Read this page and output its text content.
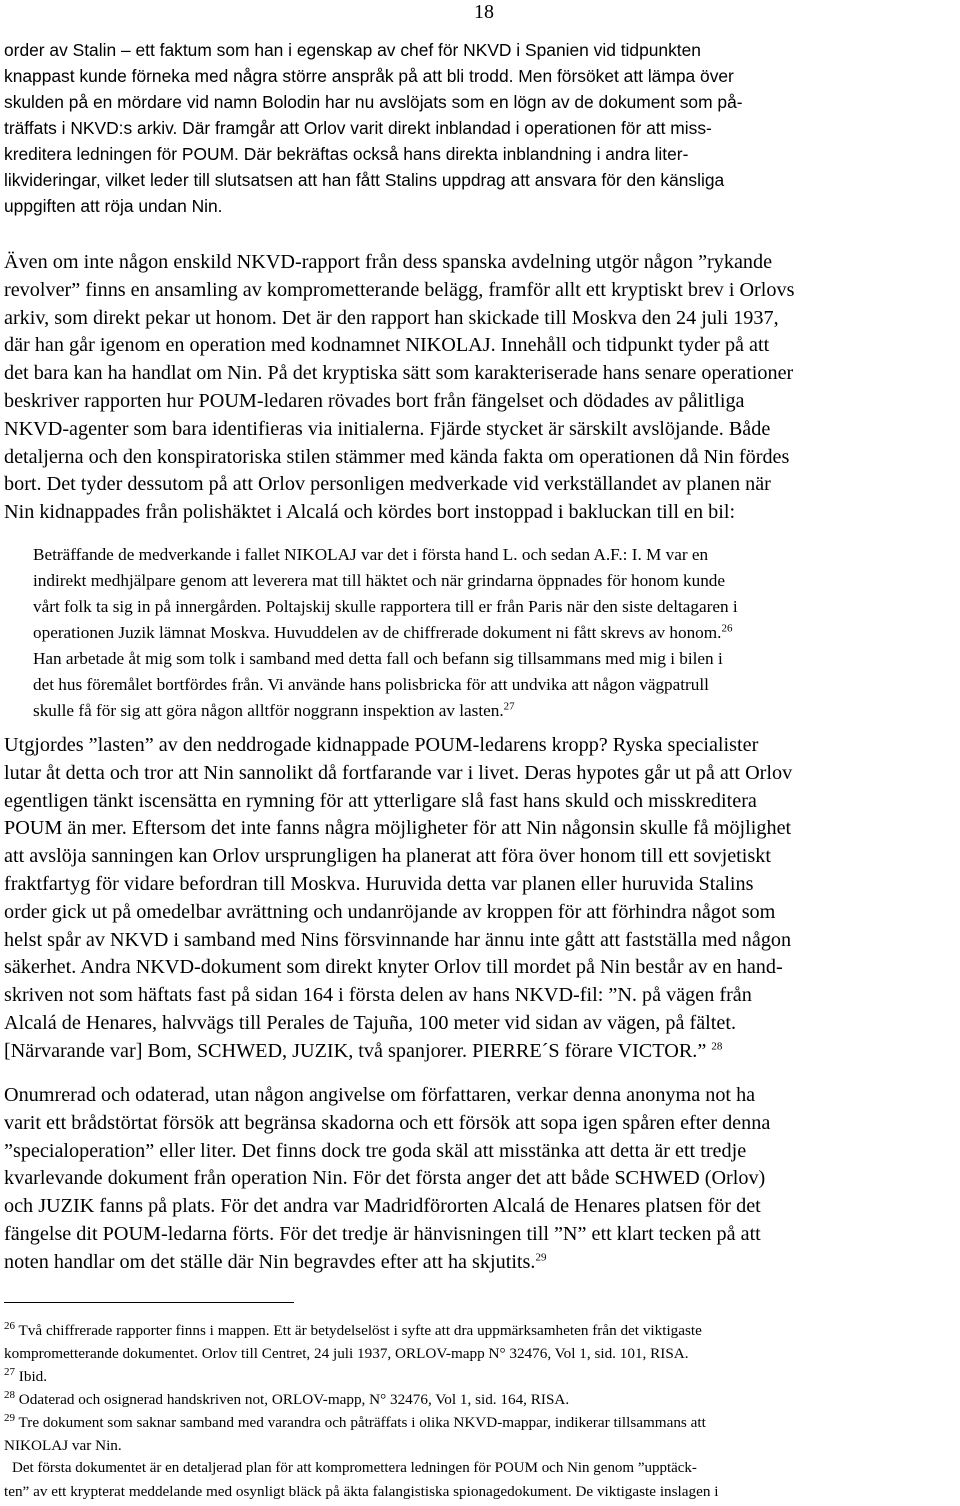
18
order av Stalin – ett faktum som han i egenskap av chef för NKVD i Spanien vid tidpunkten
knappast kunde förneka med några större anspråk på att bli trodd. Men försöket att lämpa över
skulden på en mördare vid namn Bolodin har nu avslöjats som en lögn av de dokument som på-
träffats i NKVD:s arkiv. Där framgår att Orlov varit direkt inblandad i operationen för att miss-
kreditera ledningen för POUM. Där bekräftas också hans direkta inblandning i andra liter-
likvideringar, vilket leder till slutsatsen att han fått Stalins uppdrag att ansvara för den känsliga
uppgiften att röja undan Nin.
Även om inte någon enskild NKVD-rapport från dess spanska avdelning utgör någon ”rykande
revolver” finns en ansamling av komprometterande belägg, framför allt ett kryptiskt brev i Orlovs
arkiv, som direkt pekar ut honom. Det är den rapport han skickade till Moskva den 24 juli 1937,
där han går igenom en operation med kodnamnet NIKOLAJ. Innehåll och tidpunkt tyder på att
det bara kan ha handlat om Nin. På det kryptiska sätt som karakteriserade hans senare operationer
beskriver rapporten hur POUM-ledaren rövades bort från fängelset och dödades av pålitliga
NKVD-agenter som bara identifieras via initialerna. Fjärde stycket är särskilt avslöjande. Både
detaljerna och den konspiratoriska stilen stämmer med kända fakta om operationen då Nin fördes
bort. Det tyder dessutom på att Orlov personligen medverkade vid verkställandet av planen när
Nin kidnappades från polishäktet i Alcalá och kördes bort instoppad i bakluckan till en bil:
Beträffande de medverkande i fallet NIKOLAJ var det i första hand L. och sedan A.F.: I. M var en
indirekt medhjälpare genom att leverera mat till häktet och när grindarna öppnades för honom kunde
vårt folk ta sig in på innergården. Poltajskij skulle rapportera till er från Paris när den siste deltagaren i
operationen Juzik lämnat Moskva. Huvuddelen av de chiffrerade dokument ni fått skrevs av honom.$^{26}$
Han arbetade åt mig som tolk i samband med detta fall och befann sig tillsammans med mig i bilen i
det hus föremålet bortfördes från. Vi använde hans polisbricka för att undvika att någon vägpatrull
skulle få för sig att göra någon alltför noggrann inspektion av lasten.$^{27}$
Utgjordes ”lasten” av den neddrogade kidnappade POUM-ledarens kropp? Ryska specialister
lutar åt detta och tror att Nin sannolikt då fortfarande var i livet. Deras hypotes går ut på att Orlov
egentligen tänkt iscensätta en rymning för att ytterligare slå fast hans skuld och misskreditera
POUM än mer. Eftersom det inte fanns några möjligheter för att Nin någonsin skulle få möjlighet
att avslöja sanningen kan Orlov ursprungligen ha planerat att föra över honom till ett sovjetiskt
fraktfartyg för vidare befordran till Moskva. Huruvida detta var planen eller huruvida Stalins
order gick ut på omedelbar avrättning och undanröjande av kroppen för att förhindra något som
helst spår av NKVD i samband med Nins försvinnande har ännu inte gått att fastställa med någon
säkerhet. Andra NKVD-dokument som direkt knyter Orlov till mordet på Nin består av en hand-
skriven not som häftats fast på sidan 164 i första delen av hans NKVD-fil: ”N. på vägen från
Alcalá de Henares, halvvägs till Perales de Tajuña, 100 meter vid sidan av vägen, på fältet.
[Närvarande var] Bom, SCHWED, JUZIK, två spanjorer. PIERRE´S förare VICTOR.” $^{28}$
Onumrerad och odaterad, utan någon angivelse om författaren, verkar denna anonyma not ha
varit ett brådstörtat försök att begränsa skadorna och ett försök att sopa igen spåren efter denna
”specialoperation” eller liter. Det finns dock tre goda skäl att misstänka att detta är ett tredje
kvarlevande dokument från operation Nin. För det första anger det att både SCHWED (Orlov)
och JUZIK fanns på plats. För det andra var Madridförorten Alcalá de Henares platsen för det
fängelse dit POUM-ledarna förts. För det tredje är hänvisningen till ”N” ett klart tecken på att
noten handlar om det ställe där Nin begravdes efter att ha skjutits.$^{29}$
$^{26}$ Två chiffrerade rapporter finns i mappen. Ett är betydelselöst i syfte att dra uppmärksamheten från det viktigaste
komprometterande dokumentet. Orlov till Centret, 24 juli 1937, ORLOV-mapp N° 32476, Vol 1, sid. 101, RISA.
$^{27}$ Ibid.
$^{28}$ Odaterad och osignerad handskriven not, ORLOV-mapp, N° 32476, Vol 1, sid. 164, RISA.
$^{29}$ Tre dokument som saknar samband med varandra och påträffats i olika NKVD-mappar, indikerar tillsammans att
NIKOLAJ var Nin.
Det första dokumentet är en detaljerad plan för att kompromettera ledningen för POUM och Nin genom ”upptäck-
ten” av ett krypterat meddelande med osynligt bläck på äkta falangistiska spionagedokument. De viktigaste inslagen i
